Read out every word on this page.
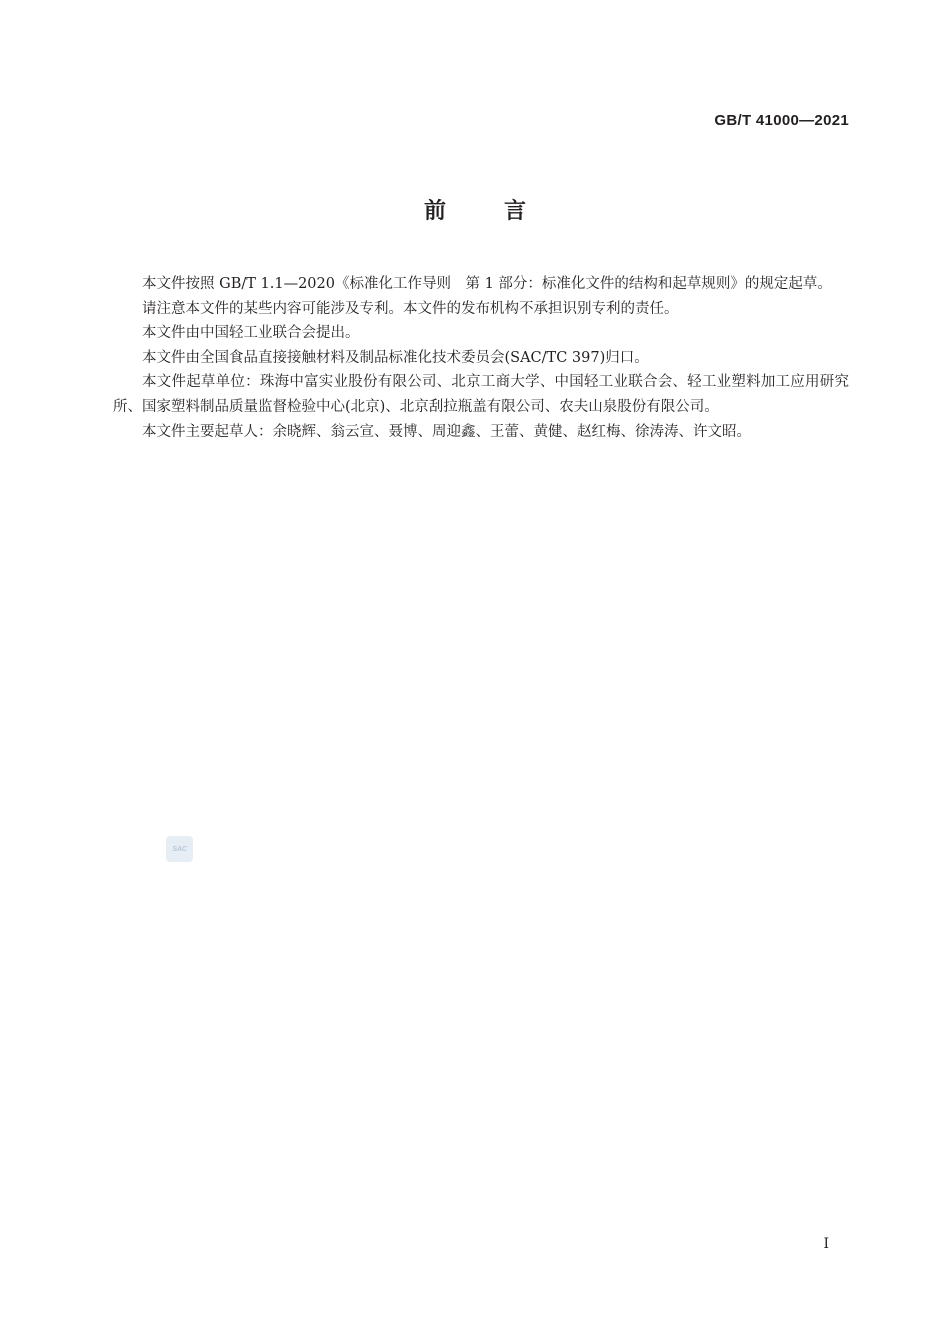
GB/T 41000—2021
前言

本文件按照 GB/T 1.1—2020《标准化工作导则　第 1 部分：标准化文件的结构和起草规则》的规定起草。

请注意本文件的某些内容可能涉及专利。本文件的发布机构不承担识别专利的责任。

本文件由中国轻工业联合会提出。

本文件由全国食品直接接触材料及制品标准化技术委员会(SAC/TC 397)归口。

本文件起草单位：珠海中富实业股份有限公司、北京工商大学、中国轻工业联合会、轻工业塑料加工应用研究所、国家塑料制品质量监督检验中心(北京)、北京刮拉瓶盖有限公司、农夫山泉股份有限公司。

本文件主要起草人：余晓辉、翁云宣、聂博、周迎鑫、王蕾、黄健、赵红梅、徐涛涛、许文昭。

SAC
I
